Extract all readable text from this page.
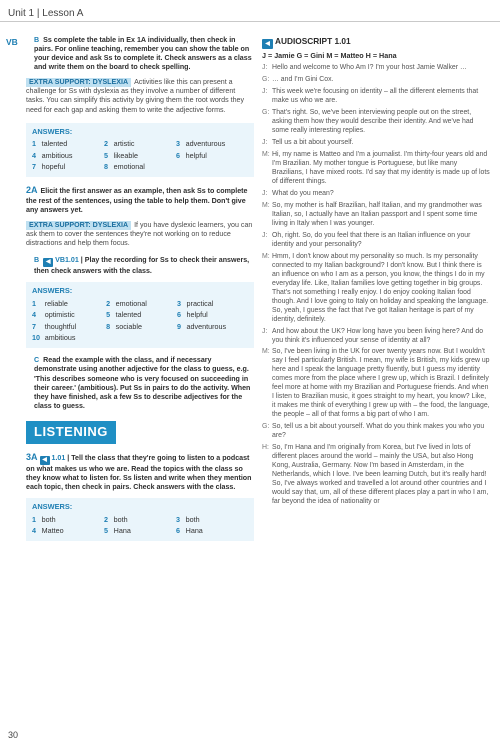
Unit 1 | Lesson A
VB	B Ss complete the table in Ex 1A individually, then check in pairs. For online teaching, remember you can show the table on your device and ask Ss to complete it. Check answers as a class and write them on the board to check spelling.

EXTRA SUPPORT: DYSLEXIA Activities like this can present a challenge for Ss with dyslexia as they involve a number of different tasks. You can simplify this activity by giving them the root words they need for each gap and asking them to write the adjective forms.

ANSWERS:
1	talented	2	artistic	3	adventurous
4	ambitious	5	likeable	6	helpful
7	hopeful	8	emotional		

2A Elicit the first answer as an example, then ask Ss to complete the rest of the sentences, using the table to help them. Don't give any answers yet.

EXTRA SUPPORT: DYSLEXIA If you have dyslexic learners, you can ask them to cover the sentences they're not working on to reduce distractions and help them focus.

B ◀ VB1.01 | Play the recording for Ss to check their answers, then check answers with the class.

ANSWERS:
1	reliable	2	emotional	3	practical
4	optimistic	5	talented	6	helpful
7	thoughtful	8	sociable	9	adventurous
10	ambitious				

C Read the example with the class, and if necessary demonstrate using another adjective for the class to guess, e.g. 'This describes someone who is very focused on succeeding in their career.' (ambitious). Put Ss in pairs to do the activity. When they have finished, ask a few Ss to describe adjectives for the class to guess.

LISTENING

3A ◀ 1.01 | Tell the class that they're going to listen to a podcast on what makes us who we are. Read the topics with the class so they know what to listen for. Ss listen and write when they mention each topic, then check in pairs. Check answers with the class.

ANSWERS:
1	both	2	both	3	both
4	Matteo	5	Hana	6	Hana
◀ AUDIOSCRIPT 1.01
J = Jamie G = Gini M = Matteo H = Hana
J: Hello and welcome to Who Am I? I'm your host Jamie Walker …
G: … and I'm Gini Cox.
J: This week we're focusing on identity – all the different elements that make us who we are.
G: That's right. So, we've been interviewing people out on the street, asking them how they would describe their identity. And we've had some really interesting replies.
J: Tell us a bit about yourself.
M: Hi, my name is Matteo and I'm a journalist. I'm thirty-four years old and I'm Brazilian. My mother tongue is Portuguese, but like many Brazilians, I have mixed roots. I'd say that my identity is made up of lots of different things.
J: What do you mean?
M: So, my mother is half Brazilian, half Italian, and my grandmother was Italian, so, I actually have an Italian passport and I spent some time living in Italy when I was younger.
J: Oh, right. So, do you feel that there is an Italian influence on your identity and your personality?
M: Hmm, I don't know about my personality so much. Is my personality connected to my Italian background? I don't know. But I think there is an influence on who I am as a person, you know, the things I do in my everyday life. Like, Italian families love getting together in big groups. That's not something I really enjoy. I do enjoy cooking Italian food though. And I love going to Italy on holiday and speaking the language. So, yeah, I guess the fact that I've got Italian heritage is part of my identity, definitely.
J: And how about the UK? How long have you been living here? And do you think it's influenced your sense of identity at all?
M: So, I've been living in the UK for over twenty years now. But I wouldn't say I feel particularly British. I mean, my wife is British, my kids grew up here and I speak the language pretty fluently, but I guess my identity comes more from the place where I grew up, which is Brazil. I definitely feel more at home with my Brazilian and Portuguese friends. And when I listen to Brazilian music, it goes straight to my heart, you know? Like, it makes me think of everything I grew up with – the food, the language, the people – all of that forms a big part of who I am.
G: So, tell us a bit about yourself. What do you think makes you who you are?
H: So, I'm Hana and I'm originally from Korea, but I've lived in lots of different places around the world – mainly the USA, but also Hong Kong, Australia, Germany. Now I'm based in Amsterdam, in the Netherlands, which I love. I've been learning Dutch, but it's really hard! So, I've always worked and travelled a lot around other countries and I would say that, um, all of these different places play a part in who I am, far beyond the idea of nationality or
30
